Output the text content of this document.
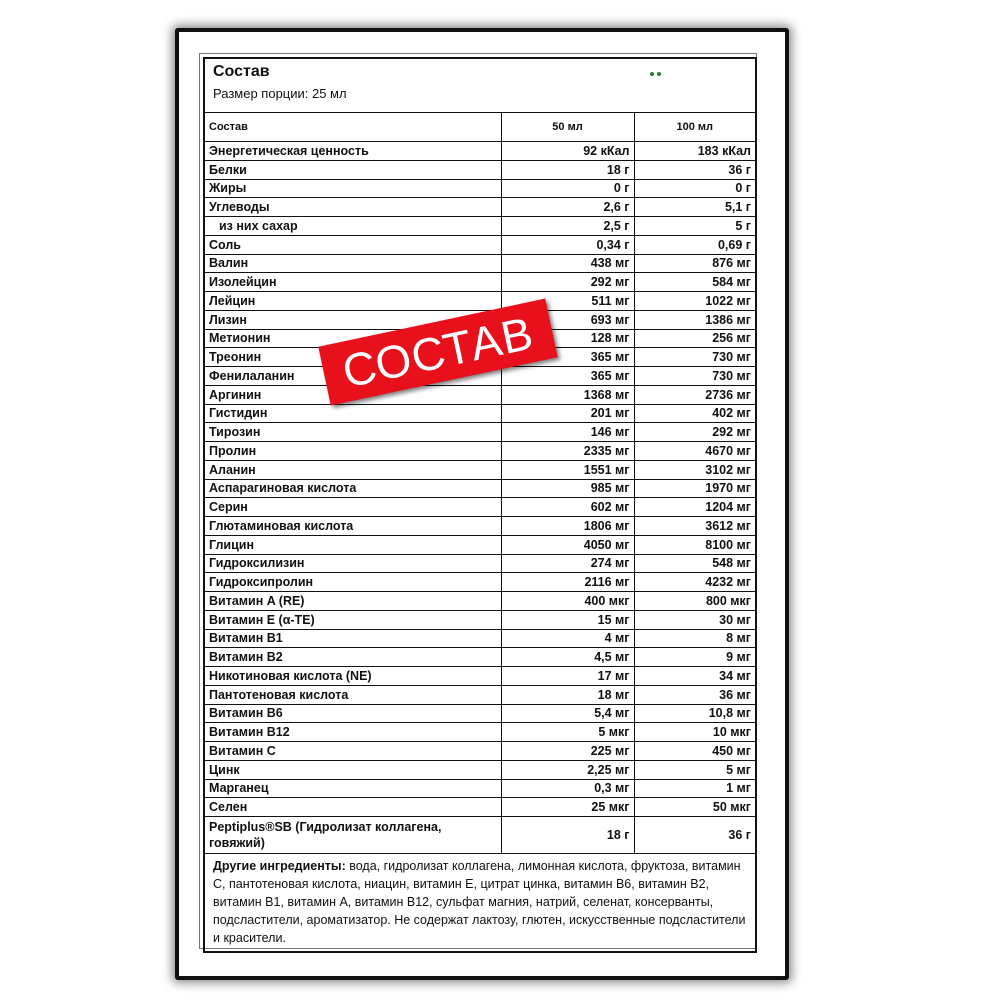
Состав
Размер порции: 25 мл
Состав	50 мл	100 мл
Энергетическая ценность	92 кКал	183 кКал
Белки	18 г	36 г
Жиры	0 г	0 г
Углеводы	2,6 г	5,1 г
из них сахар	2,5 г	5 г
Соль	0,34 г	0,69 г
Валин	438 мг	876 мг
Изолейцин	292 мг	584 мг
Лейцин	511 мг	1022 мг
Лизин	693 мг	1386 мг
Метионин	128 мг	256 мг
Треонин	365 мг	730 мг
Фенилаланин	365 мг	730 мг
Аргинин	1368 мг	2736 мг
Гистидин	201 мг	402 мг
Тирозин	146 мг	292 мг
Пролин	2335 мг	4670 мг
Аланин	1551 мг	3102 мг
Аспарагиновая кислота	985 мг	1970 мг
Серин	602 мг	1204 мг
Глютаминовая кислота	1806 мг	3612 мг
Глицин	4050 мг	8100 мг
Гидроксилизин	274 мг	548 мг
Гидроксипролин	2116 мг	4232 мг
Витамин A (RE)	400 мкг	800 мкг
Витамин E (α-TE)	15 мг	30 мг
Витамин B1	4 мг	8 мг
Витамин B2	4,5 мг	9 мг
Никотиновая кислота (NE)	17 мг	34 мг
Пантотеновая кислота	18 мг	36 мг
Витамин B6	5,4 мг	10,8 мг
Витамин B12	5 мкг	10 мкг
Витамин C	225 мг	450 мг
Цинк	2,25 мг	5 мг
Марганец	0,3 мг	1 мг
Селен	25 мкг	50 мкг
Peptiplus®SB (Гидролизат коллагена, говяжий)	18 г	36 г
Другие ингредиенты: вода, гидролизат коллагена, лимонная кислота, фруктоза, витамин C, пантотеновая кислота, ниацин, витамин E, цитрат цинка, витамин B6, витамин B2, витамин B1, витамин A, витамин B12, сульфат магния, натрий, селенат, консерванты, подсластители, ароматизатор. Не содержат лактозу, глютен, искусственные подсластители и красители.
СОСТАВ
